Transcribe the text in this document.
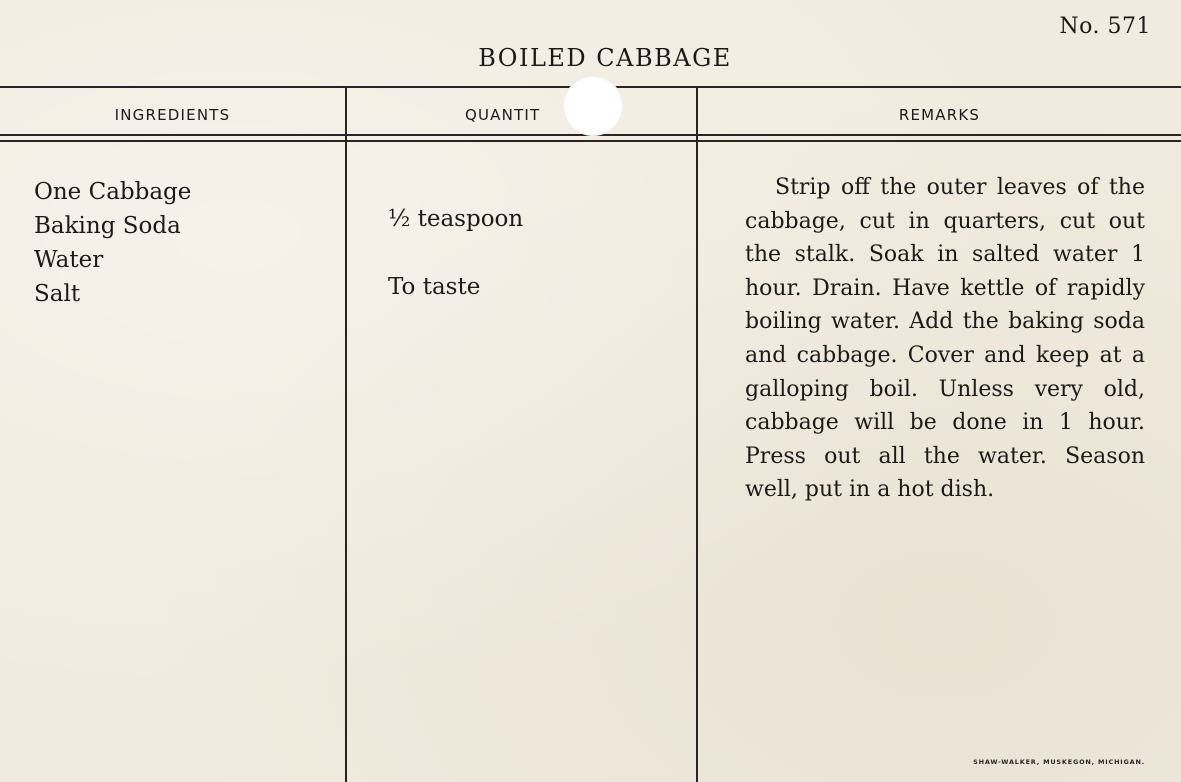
No. 571
BOILED CABBAGE
INGREDIENTS	QUANTIT	REMARKS
One Cabbage
Baking Soda
Water
Salt
½ teaspoon
To taste

Strip off the outer leaves of the cabbage, cut in quarters, cut out the stalk. Soak in salted water 1 hour. Drain. Have kettle of rapidly boiling water. Add the baking soda and cabbage. Cover and keep at a galloping boil. Unless very old, cabbage will be done in 1 hour. Press out all the water. Season well, put in a hot dish.

SHAW-WALKER, MUSKEGON, MICHIGAN.
